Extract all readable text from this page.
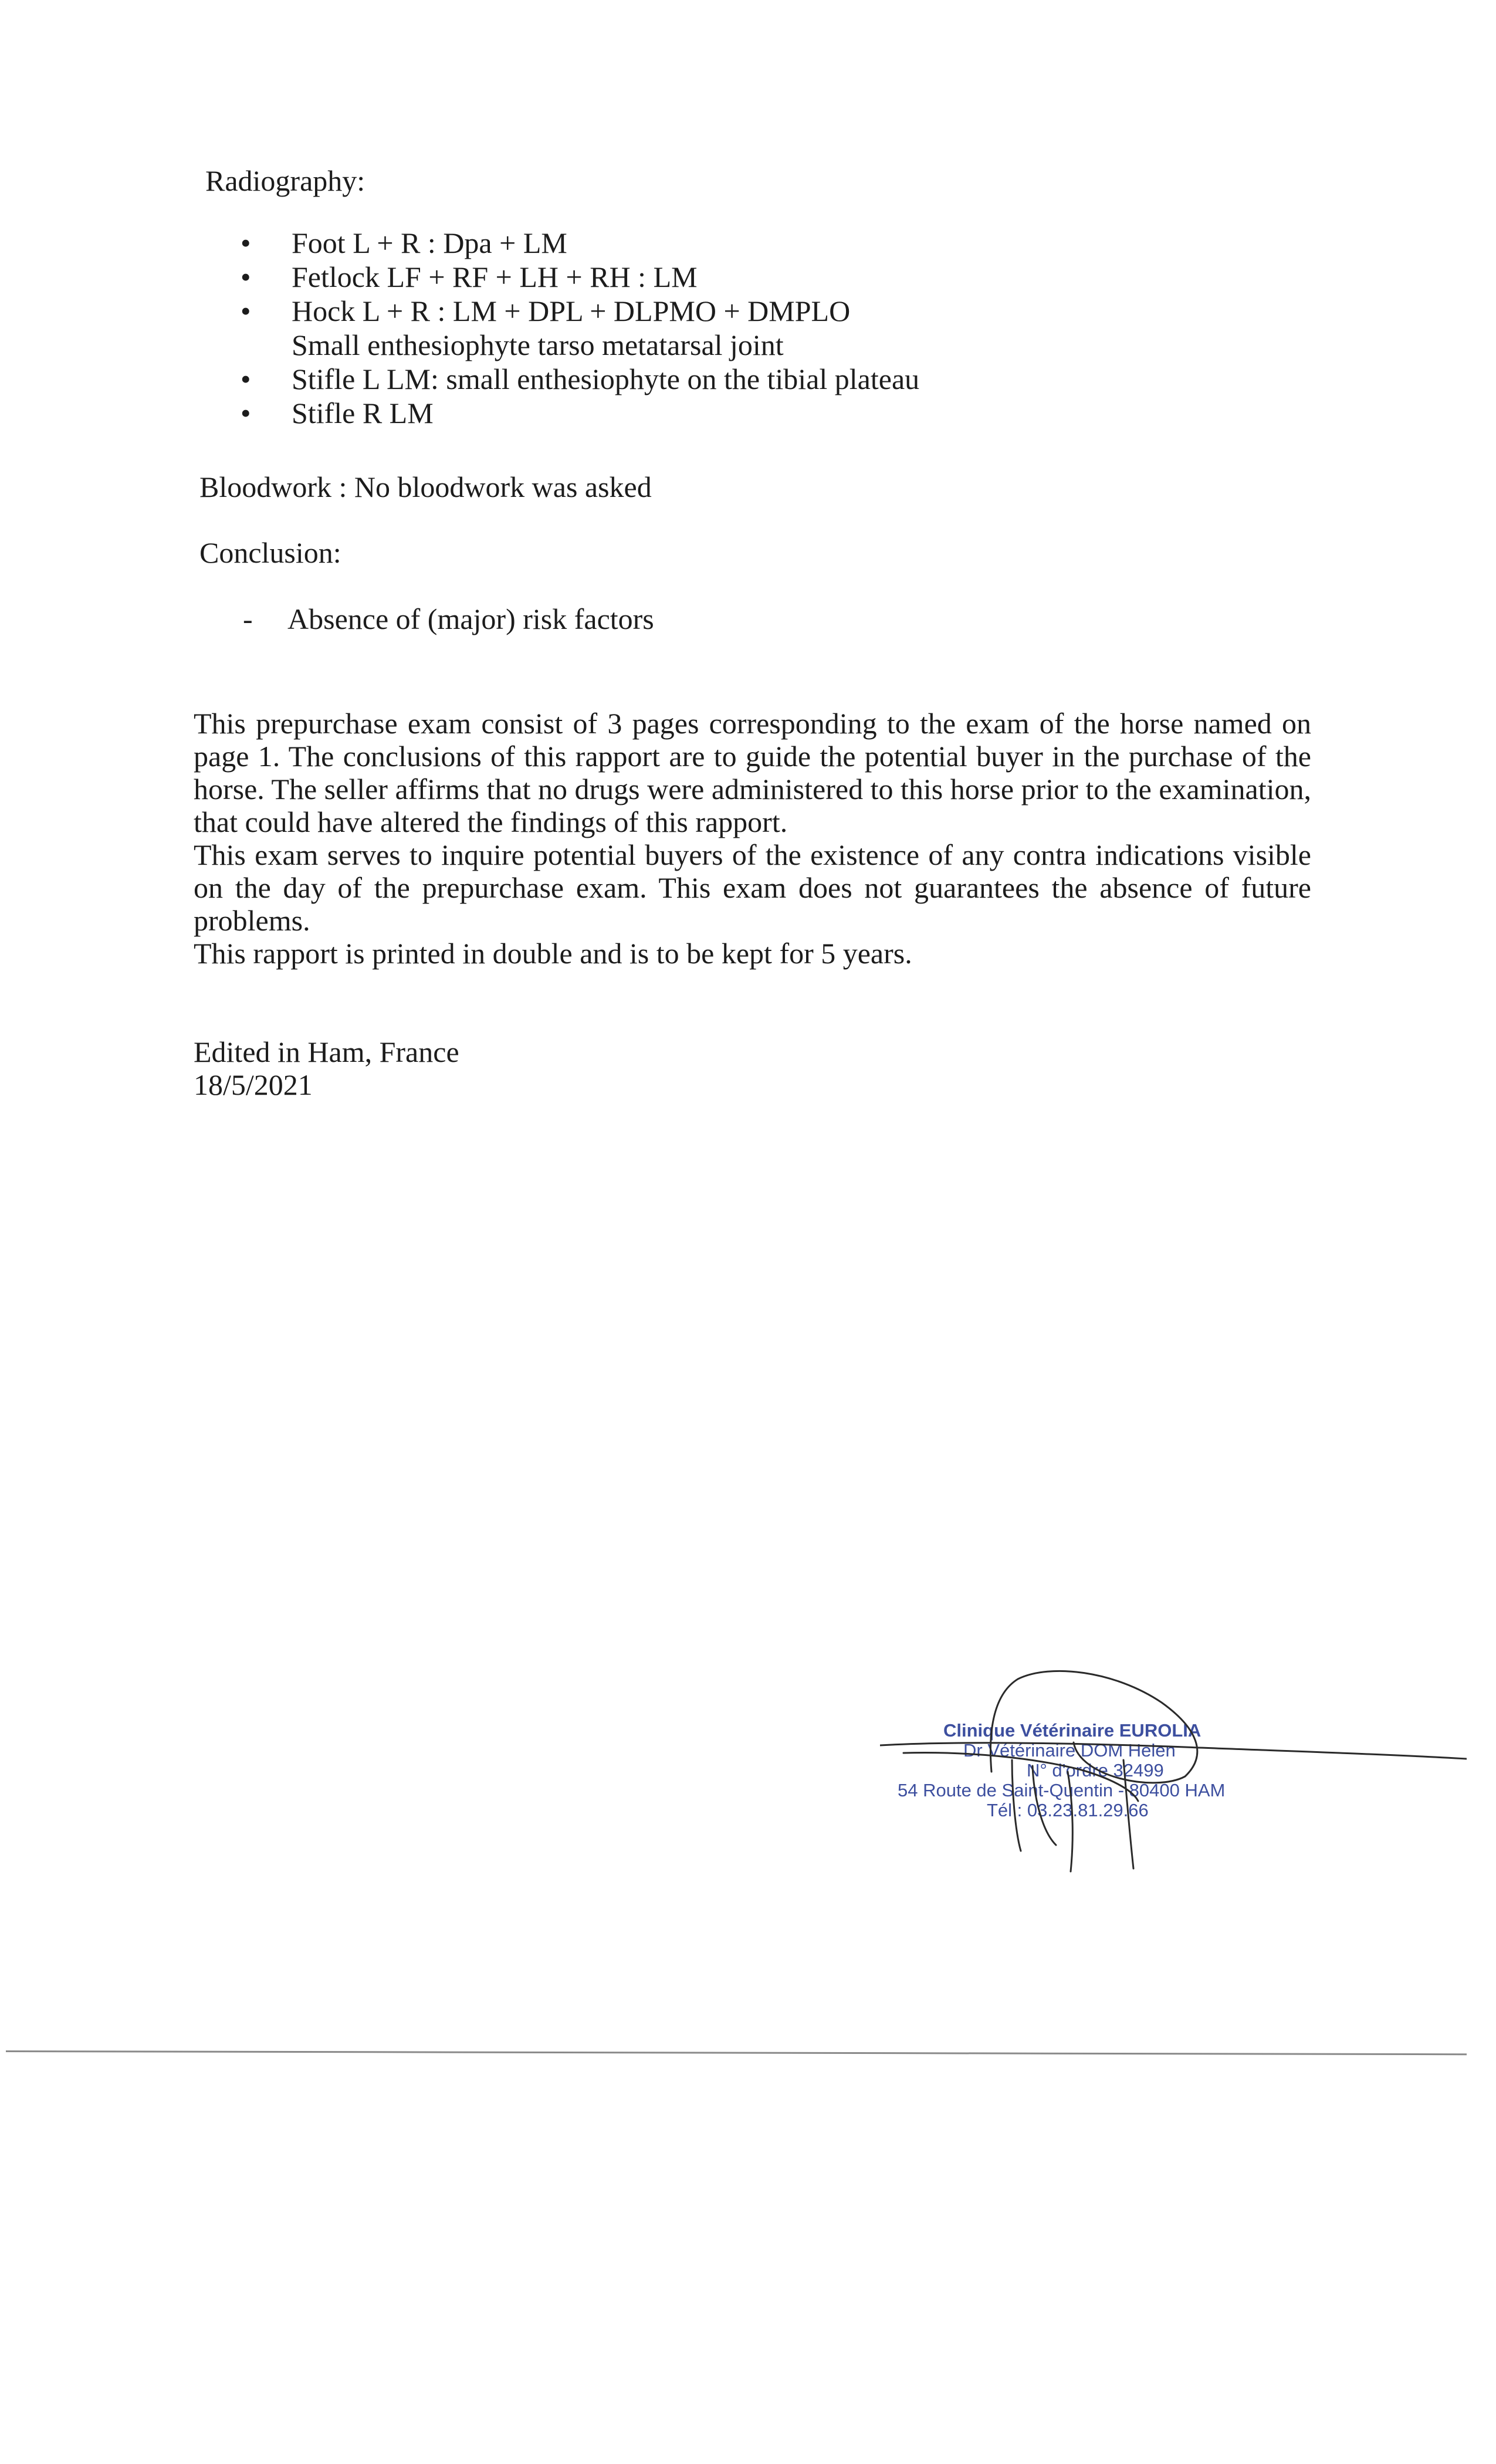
Radiography:
• Foot L + R : Dpa + LM
• Fetlock LF + RF + LH + RH : LM
• Hock L + R : LM + DPL + DLPMO + DMPLO
Small enthesiophyte tarso metatarsal joint
• Stifle L LM: small enthesiophyte on the tibial plateau
• Stifle R LM
Bloodwork : No bloodwork was asked
Conclusion:
- Absence of (major) risk factors

This prepurchase exam consist of 3 pages corresponding to the exam of the horse named on page 1. The conclusions of this rapport are to guide the potential buyer in the purchase of the horse. The seller affirms that no drugs were administered to this horse prior to the examination, that could have altered the findings of this rapport.

This exam serves to inquire potential buyers of the existence of any contra indications visible on the day of the prepurchase exam. This exam does not guarantees the absence of future problems.

This rapport is printed in double and is to be kept for 5 years.

Edited in Ham, France
18/5/2021
Clinique Vétérinaire EUROLIA
Dr Vétérinaire DOM Helen
N° d'ordre 32499
54 Route de Saint-Quentin - 80400 HAM
Tél : 03.23.81.29.66
